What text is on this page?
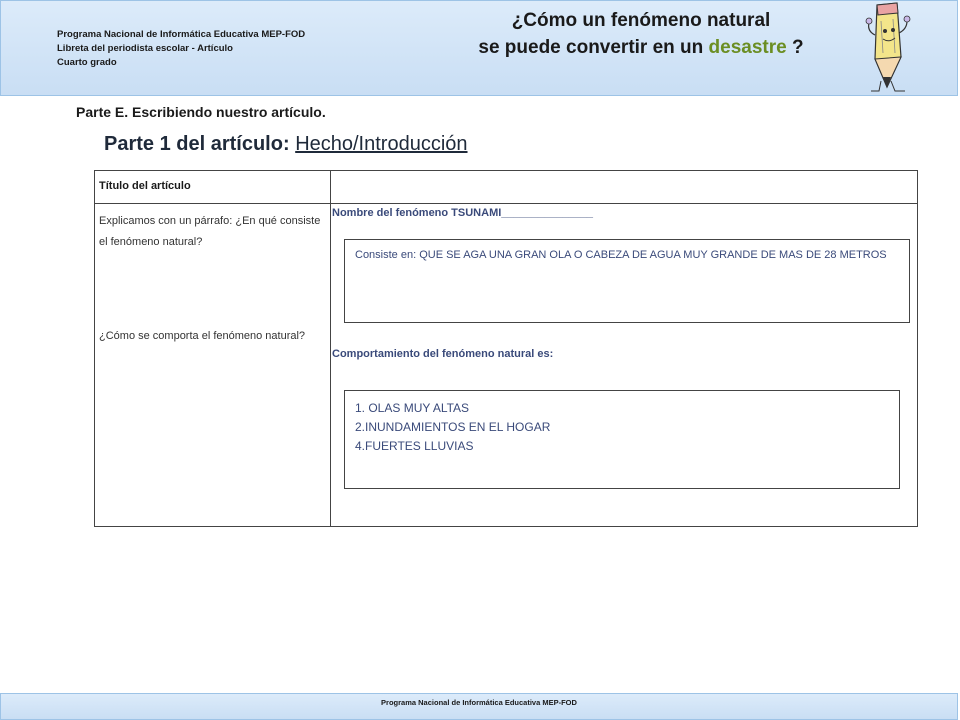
Programa Nacional de Informática Educativa MEP-FOD
Libreta del periodista escolar - Artículo
Cuarto grado
¿Cómo un fenómeno natural
se puede convertir en un desastre ?
Parte E. Escribiendo nuestro artículo.
Parte 1 del artículo: Hecho/Introducción
Título del artículo
Explicamos con un párrafo: ¿En qué consiste el fenómeno natural?
¿Cómo se comporta el fenómeno natural?
Nombre del fenómeno TSUNAMI_______________
Consiste en: QUE SE AGA UNA GRAN OLA O CABEZA DE AGUA MUY GRANDE DE MAS DE 28 METROS
Comportamiento del fenómeno natural es:
1. OLAS MUY ALTAS
2.INUNDAMIENTOS EN EL HOGAR
4.FUERTES LLUVIAS
Programa Nacional de Informática Educativa MEP-FOD
